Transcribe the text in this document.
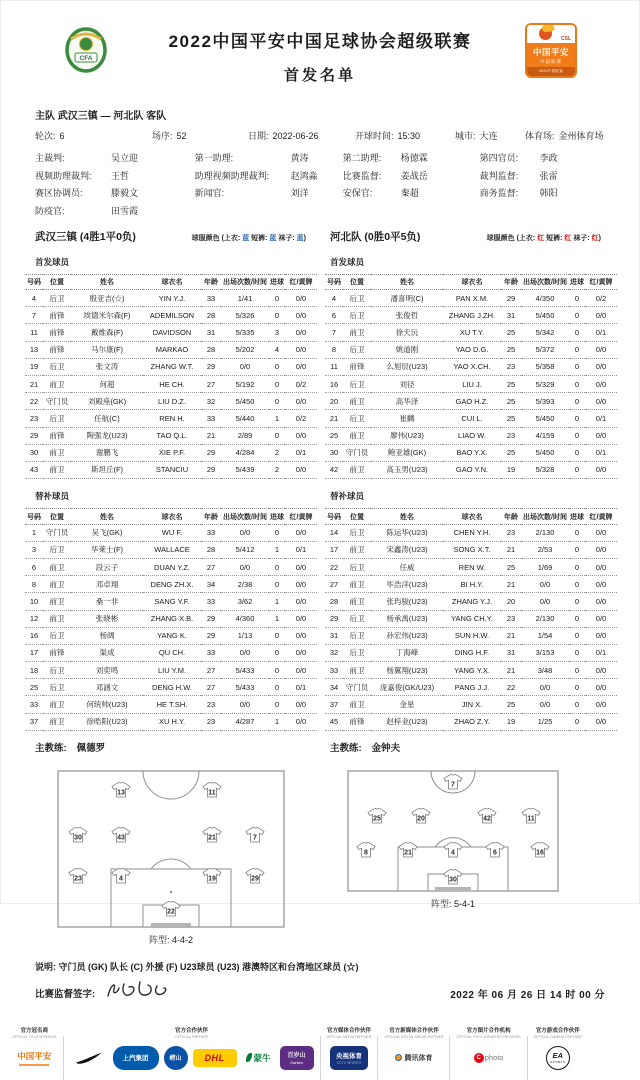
CFA
2022中国平安中国足球协会超级联赛
首发名单
CSL
中国平安
中超联赛
2022中超联赛
主队 武汉三镇 — 河北队 客队
轮次: 6	场序: 52	日期: 2022-06-26	开球时间: 15:30	城市: 大连	体育场: 金州体育场
主裁判:	吴立迎	第一助理:	黄涛	第二助理:	杨德霖	第四官员:	李政
视频助理裁判:	王哲	助理视频助理裁判:	赵鸿淼	比赛监督:	姜战岳	裁判监督:	张雷
赛区协调员:	滕毅文	新闻官:	刘洋	安保官:	秦超	商务监督:	韩阳
防疫官:	田雪霞
武汉三镇 (4胜1平0负)	球服颜色 (上衣: 蓝 短裤: 蓝 袜子: 蓝) 河北队 (0胜0平5负)	球服颜色 (上衣: 红 短裤: 红 袜子: 红)
首发球员	首发球员
号码	位置	姓名	球衣名	年龄	出场次数/时间	进球	红/黄牌
4	后卫	殷亚吉(☆)	YIN Y.J.	33	1/41	0	0/0
7	前锋	埃德米尔森(F)	ADEMILSON	28	5/326	0	0/0
11	前锋	戴维森(F)	DAVIDSON	31	5/335	3	0/0
13	前锋	马尔康(F)	MARKAO	28	5/202	4	0/0
19	后卫	张文涛	ZHANG W.T.	29	0/0	0	0/0
21	前卫	何超	HE CH.	27	5/192	0	0/2
22	守门员	刘殿座(GK)	LIU D.Z.	32	5/450	0	0/0
23	后卫	任航(C)	REN H.	33	5/440	1	0/2
29	前锋	陶强龙(U23)	TAO Q.L.	21	2/89	0	0/0
30	前卫	谢鹏飞	XIE P.F.	29	4/284	2	0/1
43	前卫	斯坦丘(F)	STANCIU	29	5/439	2	0/0
号码	位置	姓名	球衣名	年龄	出场次数/时间	进球	红/黄牌
4	后卫	潘喜明(C)	PAN X.M.	29	4/350	0	0/2
6	后卫	张俊哲	ZHANG J.ZH.	31	5/450	0	0/0
7	前卫	徐天沅	XU T.Y.	25	5/342	0	0/1
8	后卫	姚道刚	YAO D.G.	25	5/372	0	0/0
11	前锋	么旭辰(U23)	YAO X.CH.	23	5/358	0	0/0
16	后卫	刘径	LIU J.	25	5/329	0	0/0
20	前卫	高华泽	GAO H.Z.	25	5/393	0	0/0
21	后卫	崔麟	CUI L.	25	5/450	0	0/1
25	前卫	廖伟(U23)	LIAO W.	23	4/159	0	0/0
30	守门员	鲍亚雄(GK)	BAO Y.X.	25	5/450	0	0/1
42	前卫	高玉男(U23)	GAO Y.N.	19	5/328	0	0/0
替补球员	替补球员
号码	位置	姓名	球衣名	年龄	出场次数/时间	进球	红/黄牌
1	守门员	吴飞(GK)	WU F.	33	0/0	0	0/0
3	后卫	华莱士(F)	WALLACE	28	5/412	1	0/1
6	前卫	段云子	DUAN Y.Z.	27	0/0	0	0/0
8	前卫	邓卓翔	DENG ZH.X.	34	2/38	0	0/0
10	前卫	桑一非	SANG Y.F.	33	3/62	1	0/0
12	前卫	张晓彬	ZHANG X.B.	29	4/360	1	0/0
16	后卫	杨阔	YANG K.	29	1/13	0	0/0
17	前锋	渠成	QU CH.	33	0/0	0	0/0
18	后卫	刘奕鸣	LIU Y.M.	27	5/433	0	0/0
25	后卫	邓涵文	DENG H.W.	27	5/433	0	0/1
33	前卫	何统帅(U23)	HE T.SH.	23	0/0	0	0/0
37	前卫	徐晧阳(U23)	XU H.Y.	23	4/287	1	0/0
号码	位置	姓名	球衣名	年龄	出场次数/时间	进球	红/黄牌
14	后卫	陈运华(U23)	CHEN Y.H.	23	2/130	0	0/0
17	前卫	宋鑫涛(U23)	SONG X.T.	21	2/53	0	0/0
22	后卫	任威	REN W.	25	1/69	0	0/0
27	前卫	毕浩洋(U23)	BI H.Y.	21	0/0	0	0/0
28	前卫	张玙骏(U23)	ZHANG Y.J.	20	0/0	0	0/0
29	后卫	杨承禹(U23)	YANG CH.Y.	23	2/130	0	0/0
31	后卫	孙宏伟(U23)	SUN H.W.	21	1/54	0	0/0
32	后卫	丁海峰	DING H.F.	31	3/153	0	0/1
33	前卫	杨翼翔(U23)	YANG Y.X.	21	3/48	0	0/0
34	守门员	庞嘉俊(GK/U23)	PANG J.J.	22	0/0	0	0/0
37	前卫	金星	JIN X.	25	0/0	0	0/0
45	前锋	赵梓业(U23)	ZHAO Z.Y.	19	1/25	0	0/0
主教练: 佩德罗	主教练: 金钟夫
13	11
30	43	21	7
23	4	19	29
22
阵型: 4-4-2
7
25	20	42	11
8	21	4	6	16
30
阵型: 5-4-1
说明: 守门员 (GK) 队长 (C) 外援 (F) U23球员 (U23) 港澳特区和台湾地区球员 (☆)
比赛监督签字:	2022 年 06 月 26 日 14 时 00 分
官方冠名商
OFFICIAL TITLE SPONSOR
中国平安
官方合作伙伴
OFFICIAL PARTNER
上汽集团	崂山	DHL	蒙牛	百岁山
Ganten
官方媒体合作伙伴
OFFICIAL MEDIA PARTNER
央视体育
CCTV SPORTS
官方新媒体合作伙伴
OFFICIAL DIGITAL MEDIA PARTNER
腾讯体育
官方图片合作机构
OFFICIAL PHOTOGRAPHIC PROVIDER
C photo
官方游戏合作伙伴
OFFICIAL GAMING PARTNER
EA
SPORTS
